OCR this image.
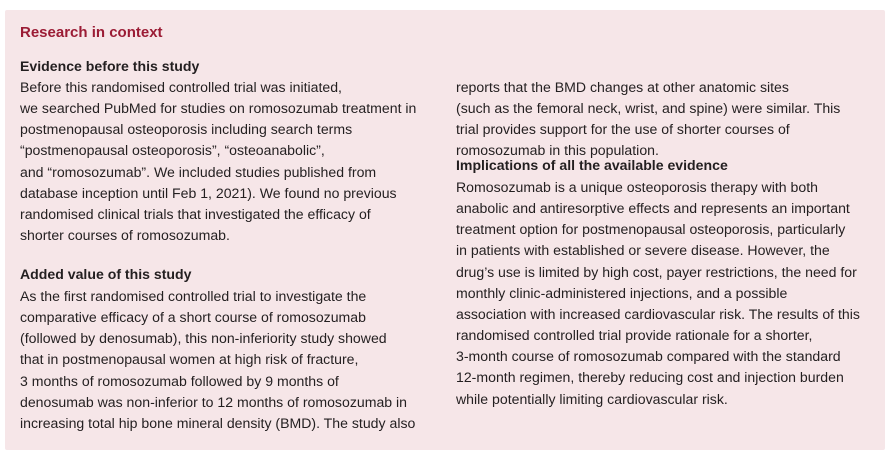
Research in context
Evidence before this study

Before this randomised controlled trial was initiated,

we searched PubMed for studies on romosozumab treatment in

postmenopausal osteoporosis including search terms

“postmenopausal osteoporosis”, “osteoanabolic”,

and “romosozumab”. We included studies published from

database inception until Feb 1, 2021). We found no previous

randomised clinical trials that investigated the efficacy of

shorter courses of romosozumab.

Added value of this study

As the first randomised controlled trial to investigate the

comparative efficacy of a short course of romosozumab

(followed by denosumab), this non-inferiority study showed

that in postmenopausal women at high risk of fracture,

3 months of romosozumab followed by 9 months of

denosumab was non-inferior to 12 months of romosozumab in

increasing total hip bone mineral density (BMD). The study also

reports that the BMD changes at other anatomic sites

(such as the femoral neck, wrist, and spine) were similar. This

trial provides support for the use of shorter courses of

romosozumab in this population.

Implications of all the available evidence

Romosozumab is a unique osteoporosis therapy with both

anabolic and antiresorptive effects and represents an important

treatment option for postmenopausal osteoporosis, particularly

in patients with established or severe disease. However, the

drug’s use is limited by high cost, payer restrictions, the need for

monthly clinic-administered injections, and a possible

association with increased cardiovascular risk. The results of this

randomised controlled trial provide rationale for a shorter,

3-month course of romosozumab compared with the standard

12-month regimen, thereby reducing cost and injection burden

while potentially limiting cardiovascular risk.
